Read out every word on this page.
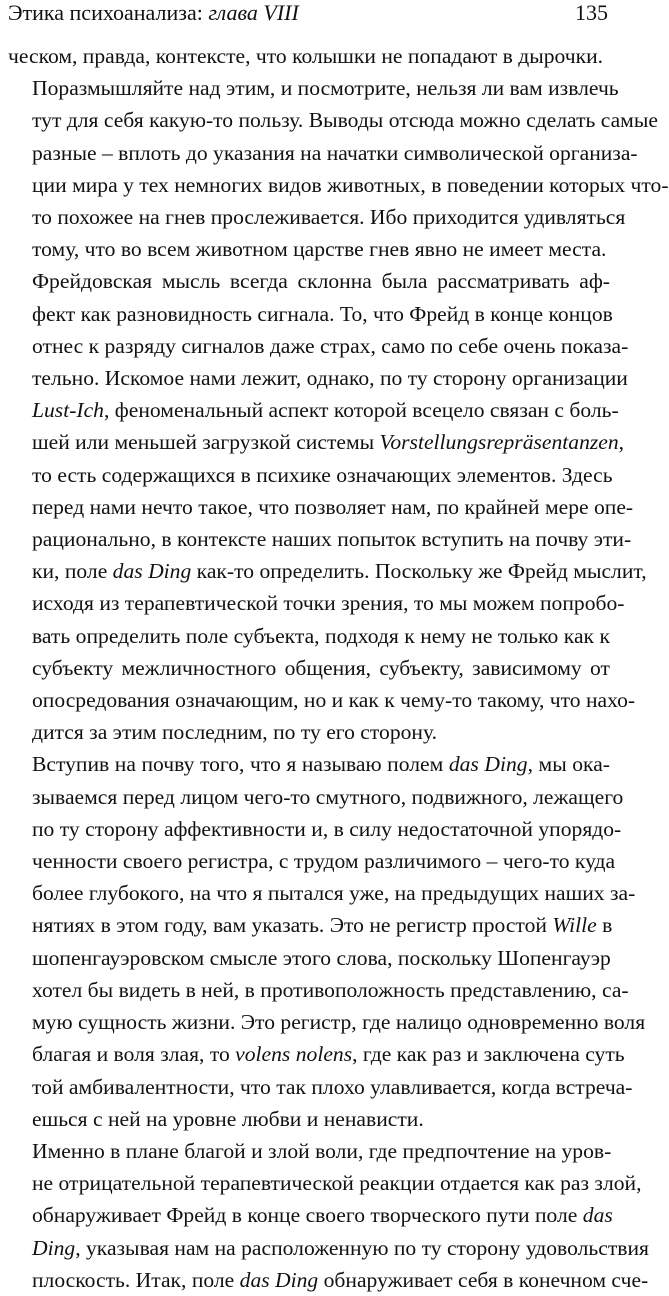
Этика психоанализа: глава VIII	135

ческом, правда, контексте, что колышки не попадают в дырочки.

Поразмышляйте над этим, и посмотрите, нельзя ли вам извлечь
тут для себя какую-то пользу. Выводы отсюда можно сделать самые
разные – вплоть до указания на начатки символической организа-
ции мира у тех немногих видов животных, в поведении которых что-
то похожее на гнев прослеживается. Ибо приходится удивляться
тому, что во всем животном царстве гнев явно не имеет места.

Фрейдовская мысль всегда склонна была рассматривать аф-
фект как разновидность сигнала. То, что Фрейд в конце концов
отнес к разряду сигналов даже страх, само по себе очень показа-
тельно. Искомое нами лежит, однако, по ту сторону организации
Lust-Ich, феноменальный аспект которой всецело связан с боль-
шей или меньшей загрузкой системы Vorstellungsrepräsentanzen,
то есть содержащихся в психике означающих элементов. Здесь
перед нами нечто такое, что позволяет нам, по крайней мере опе-
рационально, в контексте наших попыток вступить на почву эти-
ки, поле das Ding как-то определить. Поскольку же Фрейд мыслит,
исходя из терапевтической точки зрения, то мы можем попробо-
вать определить поле субъекта, подходя к нему не только как к
субъекту межличностного общения, субъекту, зависимому от
опосредования означающим, но и как к чему-то такому, что нахо-
дится за этим последним, по ту его сторону.

Вступив на почву того, что я называю полем das Ding, мы ока-
зываемся перед лицом чего-то смутного, подвижного, лежащего
по ту сторону аффективности и, в силу недостаточной упорядо-
ченности своего регистра, с трудом различимого – чего-то куда
более глубокого, на что я пытался уже, на предыдущих наших за-
нятиях в этом году, вам указать. Это не регистр простой Wille в
шопенгауэровском смысле этого слова, поскольку Шопенгауэр
хотел бы видеть в ней, в противоположность представлению, са-
мую сущность жизни. Это регистр, где налицо одновременно воля
благая и воля злая, то volens nolens, где как раз и заключена суть
той амбивалентности, что так плохо улавливается, когда встреча-
ешься с ней на уровне любви и ненависти.

Именно в плане благой и злой воли, где предпочтение на уров-
не отрицательной терапевтической реакции отдается как раз злой,
обнаруживает Фрейд в конце своего творческого пути поле das
Ding, указывая нам на расположенную по ту сторону удовольствия
плоскость. Итак, поле das Ding обнаруживает себя в конечном сче-
